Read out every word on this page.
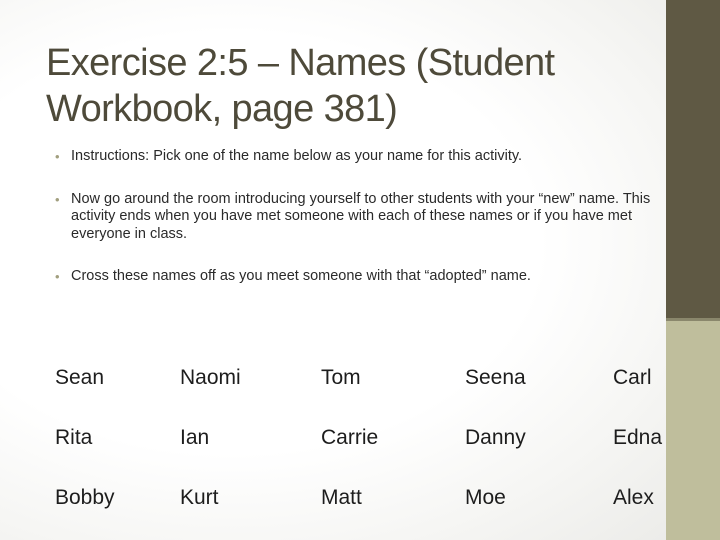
Exercise 2:5 – Names (Student Workbook, page 381)
• Instructions: Pick one of the name below as your name for this activity.
• Now go around the room introducing yourself to other students with your “new” name. This activity ends when you have met someone with each of these names or if you have met everyone in class.
• Cross these names off as you meet someone with that “adopted” name.
Sean	Naomi	Tom	Seena	Carl
Rita	Ian	Carrie	Danny	Edna
Bobby	Kurt	Matt	Moe	Alex
